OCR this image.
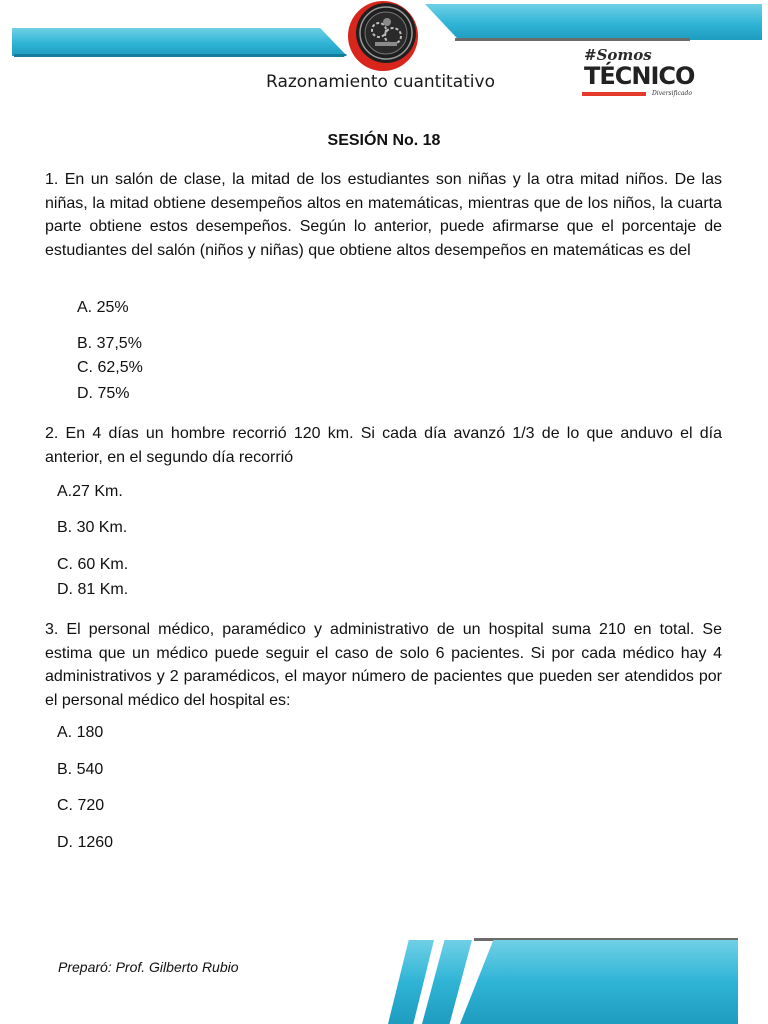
Razonamiento cuantitativo
#Somos
TÉCNICO
Diversificado
SESIÓN No. 18
1. En un salón de clase, la mitad de los estudiantes son niñas y la otra mitad niños. De las niñas, la mitad obtiene desempeños altos en matemáticas, mientras que de los niños, la cuarta parte obtiene estos desempeños. Según lo anterior, puede afirmarse que el porcentaje de estudiantes del salón (niños y niñas) que obtiene altos desempeños en matemáticas es del
A. 25%
B. 37,5%
C. 62,5%
D. 75%
2. En 4 días un hombre recorrió 120 km. Si cada día avanzó 1/3 de lo que anduvo el día anterior, en el segundo día recorrió
A.27 Km.
B. 30 Km.
C. 60 Km.
D. 81 Km.
3. El personal médico, paramédico y administrativo de un hospital suma 210 en total. Se estima que un médico puede seguir el caso de solo 6 pacientes. Si por cada médico hay 4 administrativos y 2 paramédicos, el mayor número de pacientes que pueden ser atendidos por el personal médico del hospital es:
A. 180
B. 540
C. 720
D. 1260
Preparó: Prof. Gilberto Rubio
